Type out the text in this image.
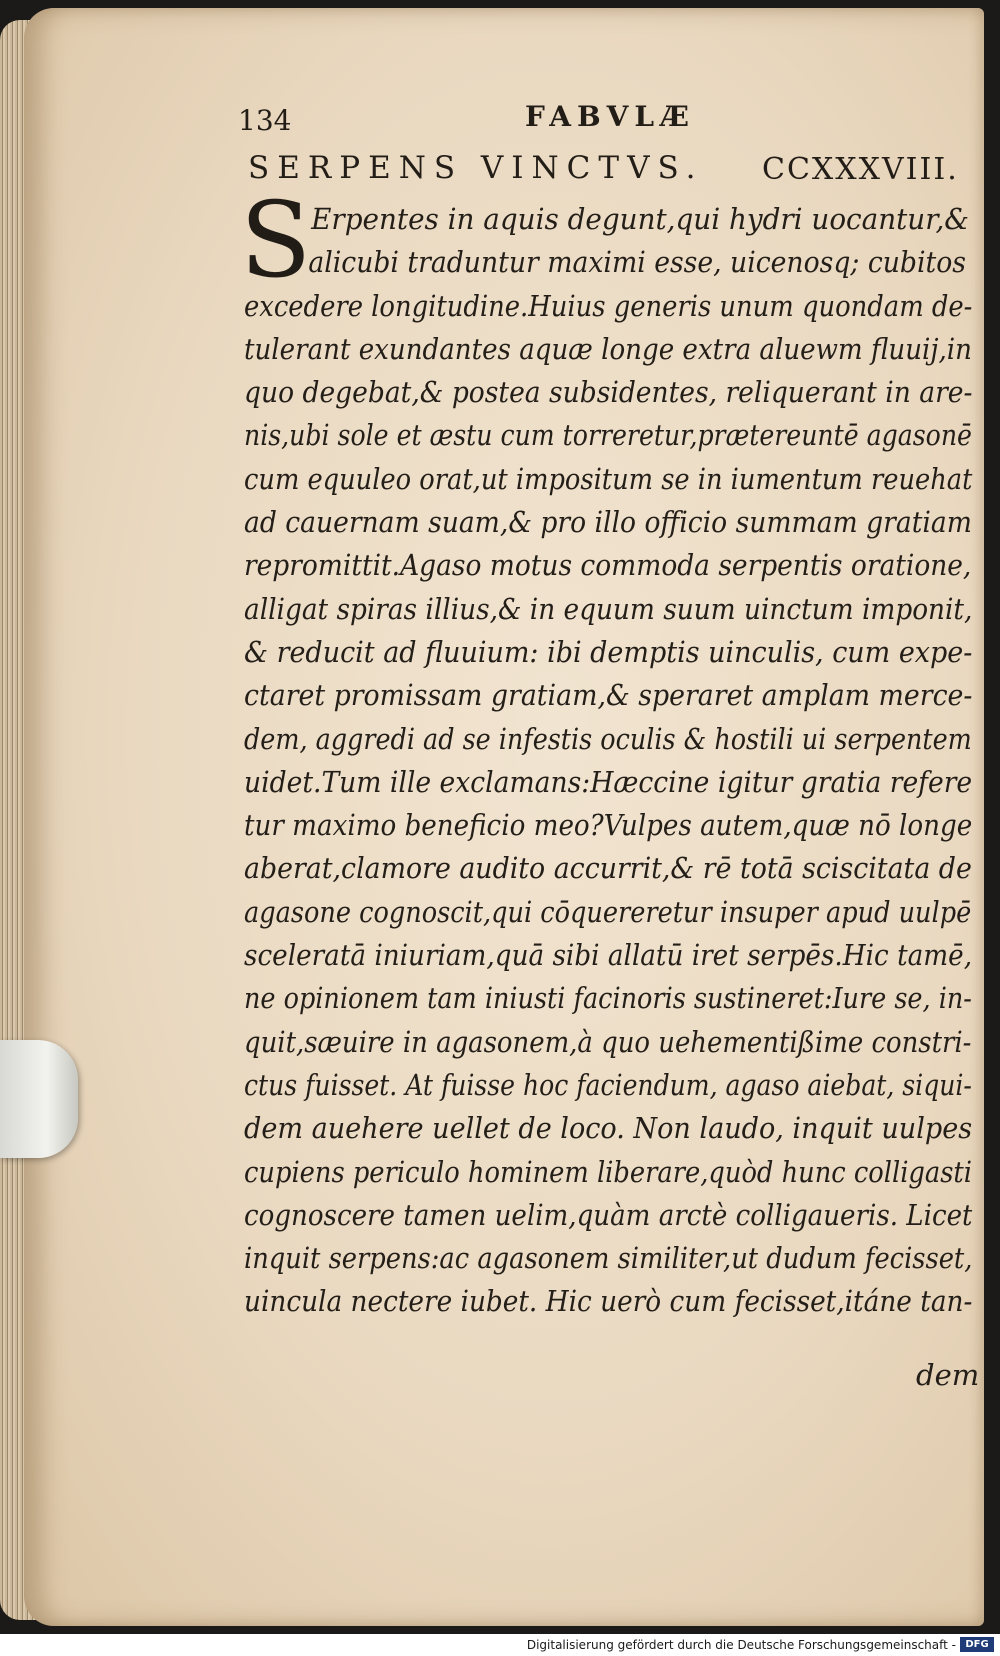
134	FABVLÆ
SERPENS VINCTVS. CCXXXVIII.
S Erpentes in aquis degunt,qui hydri uocantur,&
alicubi traduntur maximi esse, uicenosq; cubitos
excedere longitudine.Huius generis unum quondam de-
tulerant exundantes aquæ longe extra aluewm fluuij,in
quo degebat,& postea subsidentes, reliquerant in are-
nis,ubi sole et æstu cum torreretur,prætereuntē agasonē
cum equuleo orat,ut impositum se in iumentum reuehat
ad cauernam suam,& pro illo officio summam gratiam
repromittit.Agaso motus commoda serpentis oratione,
alligat spiras illius,& in equum suum uinctum imponit,
& reducit ad fluuium: ibi demptis uinculis, cum expe-
ctaret promissam gratiam,& speraret amplam merce-
dem, aggredi ad se infestis oculis & hostili ui serpentem
uidet.Tum ille exclamans:Hæccine igitur gratia refere
tur maximo beneficio meo?Vulpes autem,quæ nō longe
aberat,clamore audito accurrit,& rē totā sciscitata de
agasone cognoscit,qui cōquereretur insuper apud uulpē
sceleratā iniuriam,quā sibi allatū iret serpēs.Hic tamē,
ne opinionem tam iniusti facinoris sustineret:Iure se, in-
quit,sæuire in agasonem,à quo uehementißime constri-
ctus fuisset. At fuisse hoc faciendum, agaso aiebat, siqui-
dem auehere uellet de loco. Non laudo, inquit uulpes
cupiens periculo hominem liberare,quòd hunc colligasti
cognoscere tamen uelim,quàm arctè colligaueris. Licet
inquit serpens:ac agasonem similiter,ut dudum fecisset,
uincula nectere iubet. Hic uerò cum fecisset,itáne tan-
dem
Digitalisierung gefördert durch die Deutsche Forschungsgemeinschaft - DFG
